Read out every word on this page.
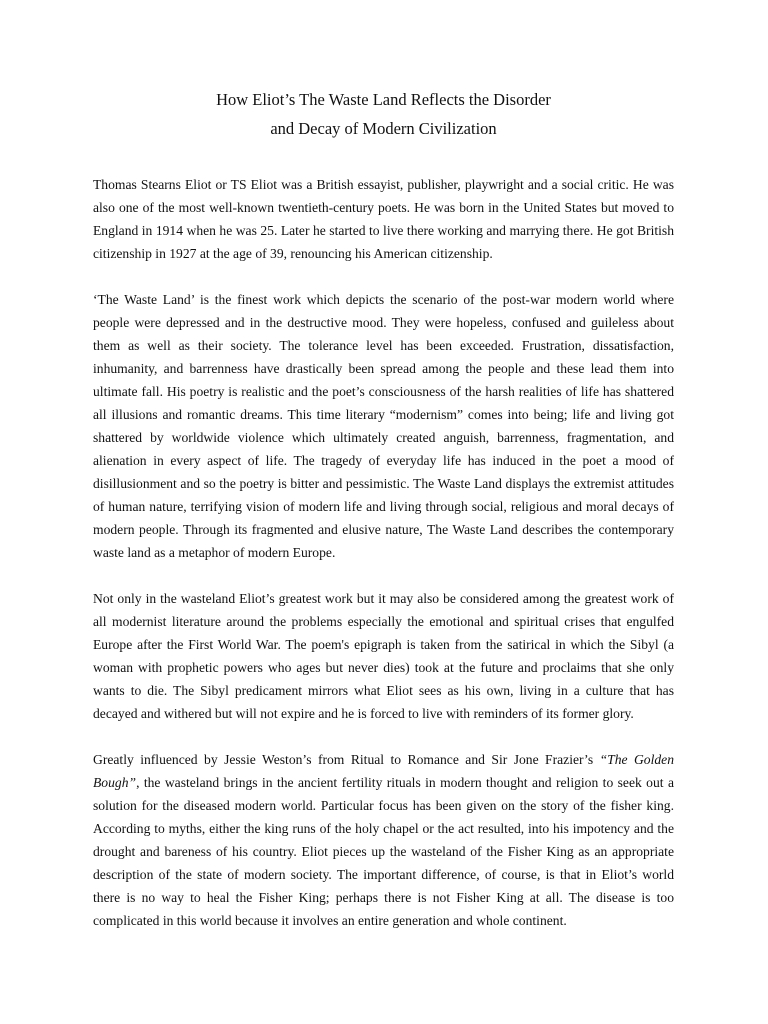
How Eliot’s The Waste Land Reflects the Disorder
and Decay of Modern Civilization

Thomas Stearns Eliot or TS Eliot was a British essayist, publisher, playwright and a social critic. He was also one of the most well-known twentieth-century poets. He was born in the United States but moved to England in 1914 when he was 25. Later he started to live there working and marrying there. He got British citizenship in 1927 at the age of 39, renouncing his American citizenship.

‘The Waste Land’ is the finest work which depicts the scenario of the post-war modern world where people were depressed and in the destructive mood. They were hopeless, confused and guileless about them as well as their society. The tolerance level has been exceeded. Frustration, dissatisfaction, inhumanity, and barrenness have drastically been spread among the people and these lead them into ultimate fall. His poetry is realistic and the poet’s consciousness of the harsh realities of life has shattered all illusions and romantic dreams. This time literary “modernism” comes into being; life and living got shattered by worldwide violence which ultimately created anguish, barrenness, fragmentation, and alienation in every aspect of life. The tragedy of everyday life has induced in the poet a mood of disillusionment and so the poetry is bitter and pessimistic. The Waste Land displays the extremist attitudes of human nature, terrifying vision of modern life and living through social, religious and moral decays of modern people. Through its fragmented and elusive nature, The Waste Land describes the contemporary waste land as a metaphor of modern Europe.

Not only in the wasteland Eliot’s greatest work but it may also be considered among the greatest work of all modernist literature around the problems especially the emotional and spiritual crises that engulfed Europe after the First World War. The poem's epigraph is taken from the satirical in which the Sibyl (a woman with prophetic powers who ages but never dies) took at the future and proclaims that she only wants to die. The Sibyl predicament mirrors what Eliot sees as his own, living in a culture that has decayed and withered but will not expire and he is forced to live with reminders of its former glory.

Greatly influenced by Jessie Weston’s from Ritual to Romance and Sir Jone Frazier’s “The Golden Bough”, the wasteland brings in the ancient fertility rituals in modern thought and religion to seek out a solution for the diseased modern world. Particular focus has been given on the story of the fisher king. According to myths, either the king runs of the holy chapel or the act resulted, into his impotency and the drought and bareness of his country. Eliot pieces up the wasteland of the Fisher King as an appropriate description of the state of modern society. The important difference, of course, is that in Eliot’s world there is no way to heal the Fisher King; perhaps there is not Fisher King at all. The disease is too complicated in this world because it involves an entire generation and whole continent.
